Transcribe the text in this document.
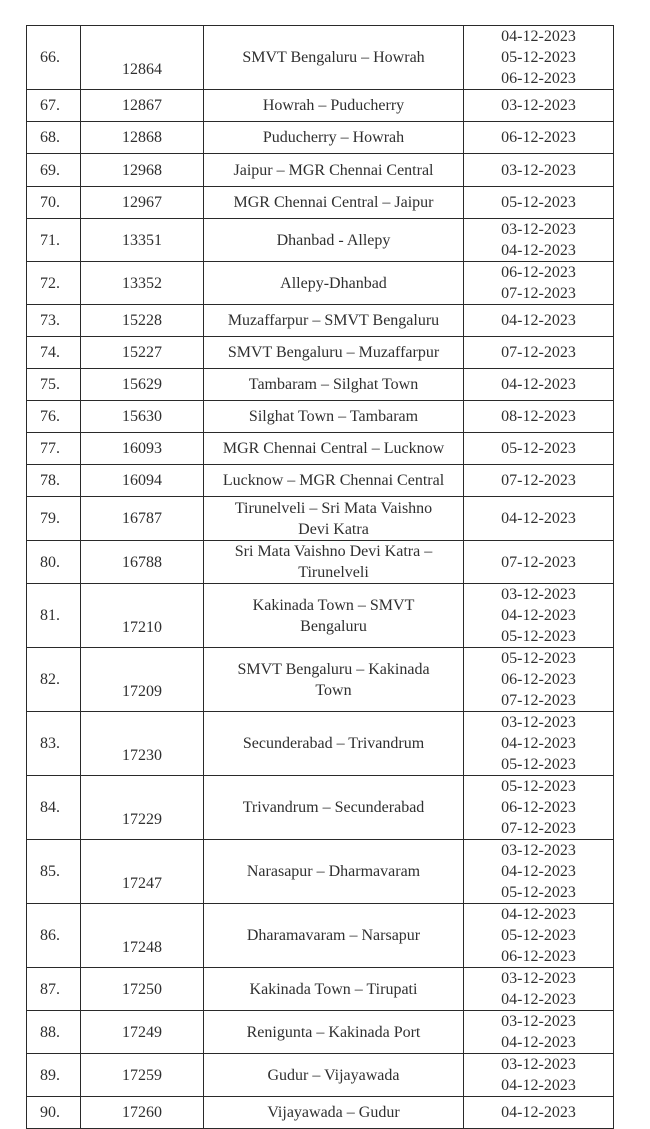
66.	12864	SMVT Bengaluru – Howrah	04-12-2023
05-12-2023
06-12-2023

67.	12867	Howrah – Puducherry	03-12-2023

68.	12868	Puducherry – Howrah	06-12-2023

69.	12968	Jaipur – MGR Chennai Central	03-12-2023

70.	12967	MGR Chennai Central – Jaipur	05-12-2023

71.	13351	Dhanbad - Allepy	03-12-2023
04-12-2023

72.	13352	Allepy-Dhanbad	06-12-2023
07-12-2023

73.	15228	Muzaffarpur – SMVT Bengaluru	04-12-2023

74.	15227	SMVT Bengaluru – Muzaffarpur	07-12-2023

75.	15629	Tambaram – Silghat Town	04-12-2023

76.	15630	Silghat Town – Tambaram	08-12-2023

77.	16093	MGR Chennai Central – Lucknow	05-12-2023

78.	16094	Lucknow – MGR Chennai Central	07-12-2023

79.	16787	Tirunelveli – Sri Mata Vaishno
Devi Katra	04-12-2023

80.	16788	Sri Mata Vaishno Devi Katra –
Tirunelveli	07-12-2023

81.	17210	Kakinada Town – SMVT
Bengaluru	03-12-2023
04-12-2023
05-12-2023

82.	17209	SMVT Bengaluru – Kakinada
Town	05-12-2023
06-12-2023
07-12-2023

83.	17230	Secunderabad – Trivandrum	03-12-2023
04-12-2023
05-12-2023

84.	17229	Trivandrum – Secunderabad	05-12-2023
06-12-2023
07-12-2023

85.	17247	Narasapur – Dharmavaram	03-12-2023
04-12-2023
05-12-2023

86.	17248	Dharamavaram – Narsapur	04-12-2023
05-12-2023
06-12-2023

87.	17250	Kakinada Town – Tirupati	03-12-2023
04-12-2023

88.	17249	Renigunta – Kakinada Port	03-12-2023
04-12-2023

89.	17259	Gudur – Vijayawada	03-12-2023
04-12-2023

90.	17260	Vijayawada – Gudur	04-12-2023
